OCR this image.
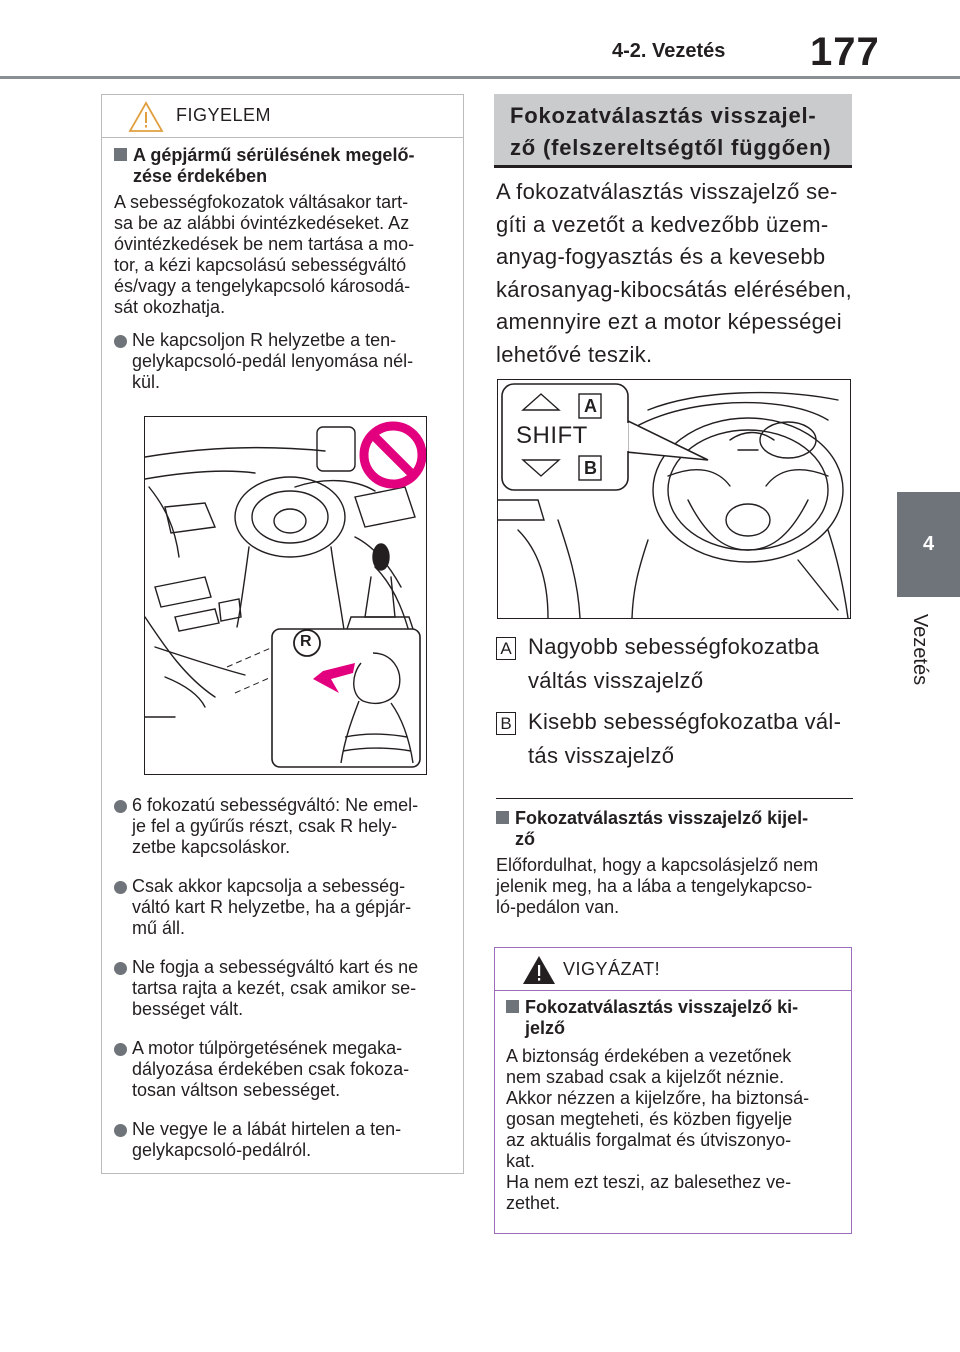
4-2. Vezetés 177
4
Vezetés
FIGYELEM
A gépjármű sérülésének megelő-
zése érdekében
A sebességfokozatok váltásakor tart-
sa be az alábbi óvintézkedéseket. Az
óvintézkedések be nem tartása a mo-
tor, a kézi kapcsolású sebességváltó
és/vagy a tengelykapcsoló károsodá-
sát okozhatja.
Ne kapcsoljon R helyzetbe a ten-
gelykapcsoló-pedál lenyomása nél-
kül.
R
6 fokozatú sebességváltó: Ne emel-
je fel a gyűrűs részt, csak R hely-
zetbe kapcsoláskor.
Csak akkor kapcsolja a sebesség-
váltó kart R helyzetbe, ha a gépjár-
mű áll.
Ne fogja a sebességváltó kart és ne
tartsa rajta a kezét, csak amikor se-
bességet vált.
A motor túlpörgetésének megaka-
dályozása érdekében csak fokoza-
tosan váltson sebességet.
Ne vegye le a lábát hirtelen a ten-
gelykapcsoló-pedálról.
Fokozatválasztás visszajel-
ző (felszereltségtől függően)
A fokozatválasztás visszajelző se-
gíti a vezetőt a kedvezőbb üzem-
anyag-fogyasztás és a kevesebb
károsanyag-kibocsátás elérésében,
amennyire ezt a motor képességei
lehetővé teszik.
A
B
SHIFT
A Nagyobb sebességfokozatba
váltás visszajelző
B Kisebb sebességfokozatba vál-
tás visszajelző
Fokozatválasztás visszajelző kijel-
ző
Előfordulhat, hogy a kapcsolásjelző nem
jelenik meg, ha a lába a tengelykapcso-
ló-pedálon van.
VIGYÁZAT!
Fokozatválasztás visszajelző ki-
jelző
A biztonság érdekében a vezetőnek
nem szabad csak a kijelzőt néznie.
Akkor nézzen a kijelzőre, ha biztonsá-
gosan megteheti, és közben figyelje
az aktuális forgalmat és útviszonyo-
kat.
Ha nem ezt teszi, az balesethez ve-
zethet.
